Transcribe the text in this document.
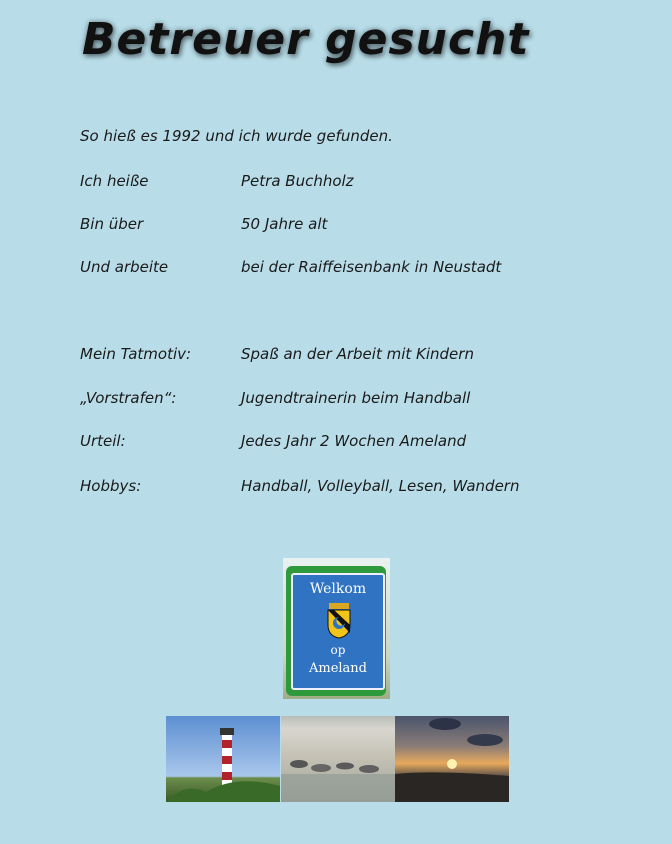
Betreuer gesucht
So hieß es 1992 und ich wurde gefunden.
Ich heiße	Petra Buchholz
Bin über	50 Jahre alt
Und arbeite	bei der Raiffeisenbank in Neustadt
Mein Tatmotiv:	Spaß an der Arbeit mit Kindern
„Vorstrafen“:	Jugendtrainerin beim Handball
Urteil:	Jedes Jahr 2 Wochen Ameland
Hobbys:	Handball, Volleyball, Lesen, Wandern
Welkom
op
Ameland
